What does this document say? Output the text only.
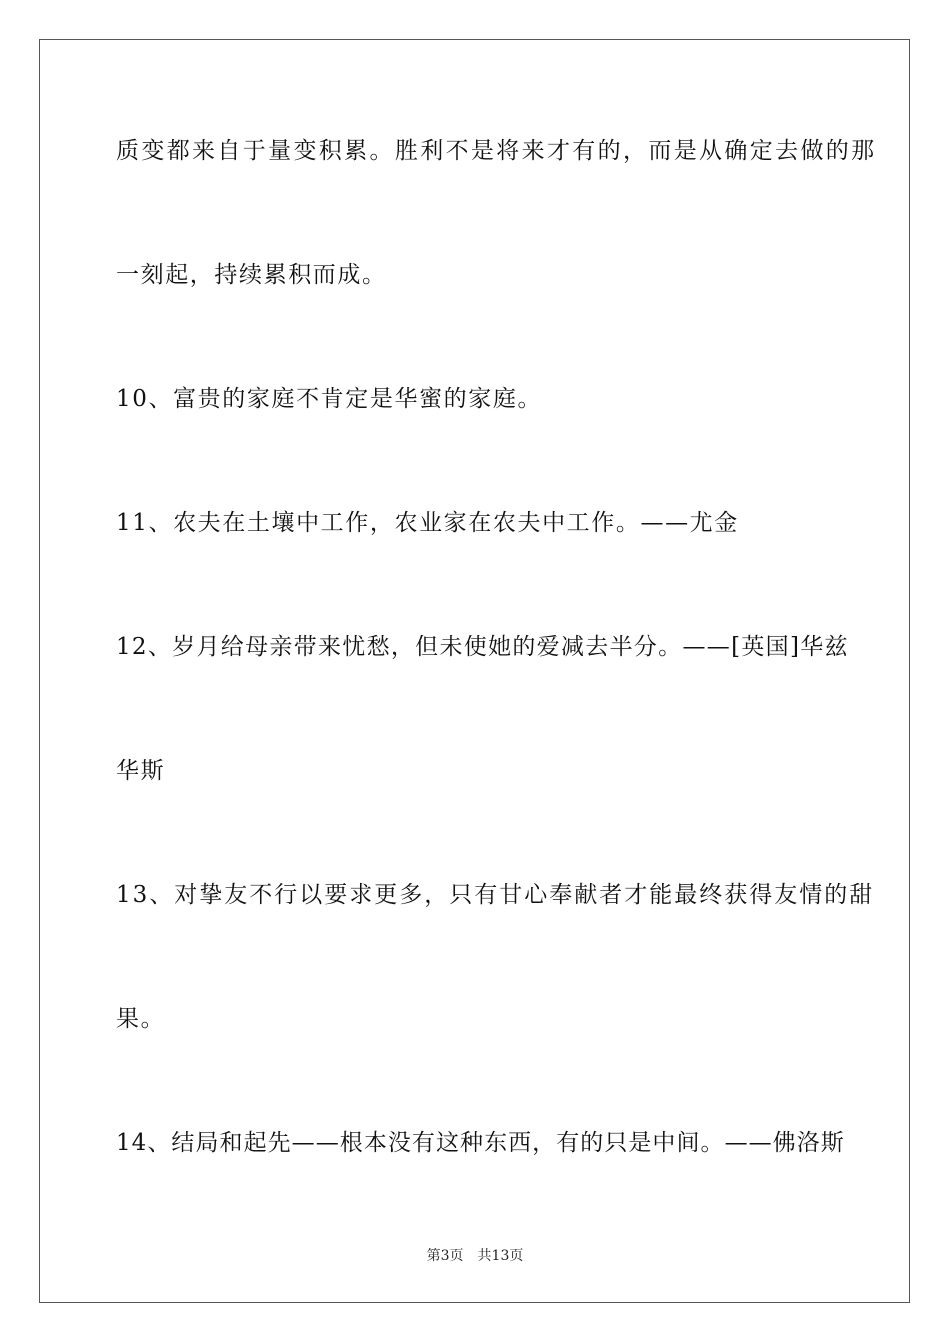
质变都来自于量变积累。胜利不是将来才有的，而是从确定去做的那
一刻起，持续累积而成。
10、富贵的家庭不肯定是华蜜的家庭。
11、农夫在土壤中工作，农业家在农夫中工作。——尤金
12、岁月给母亲带来忧愁，但未使她的爱减去半分。——[英国]华兹
华斯
13、对挚友不行以要求更多，只有甘心奉献者才能最终获得友情的甜
果。
14、结局和起先——根本没有这种东西，有的只是中间。——佛洛斯
第3页 共13页
